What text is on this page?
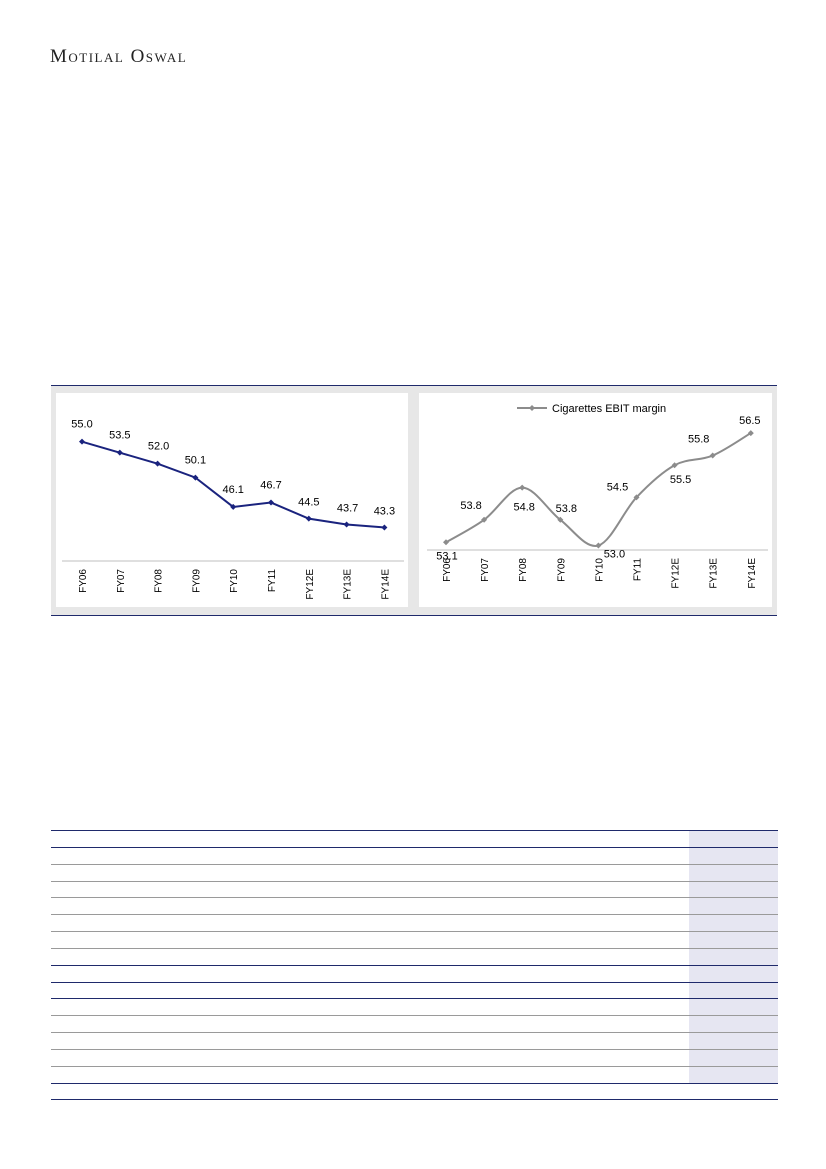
Motilal Oswal
55.0
53.5
52.0
50.1
46.1 46.7
44.5 43.7 43.3
FY06	FY07	FY08	FY09	FY10	FY11	FY12E	FY13E	FY14E
53.1
53.8	54.8 53.8
53.0
54.5
55.5
55.8
56.5
FY06	FY07	FY08	FY09	FY10	FY11	FY12E	FY13E	FY14E
Cigarettes EBIT margin
